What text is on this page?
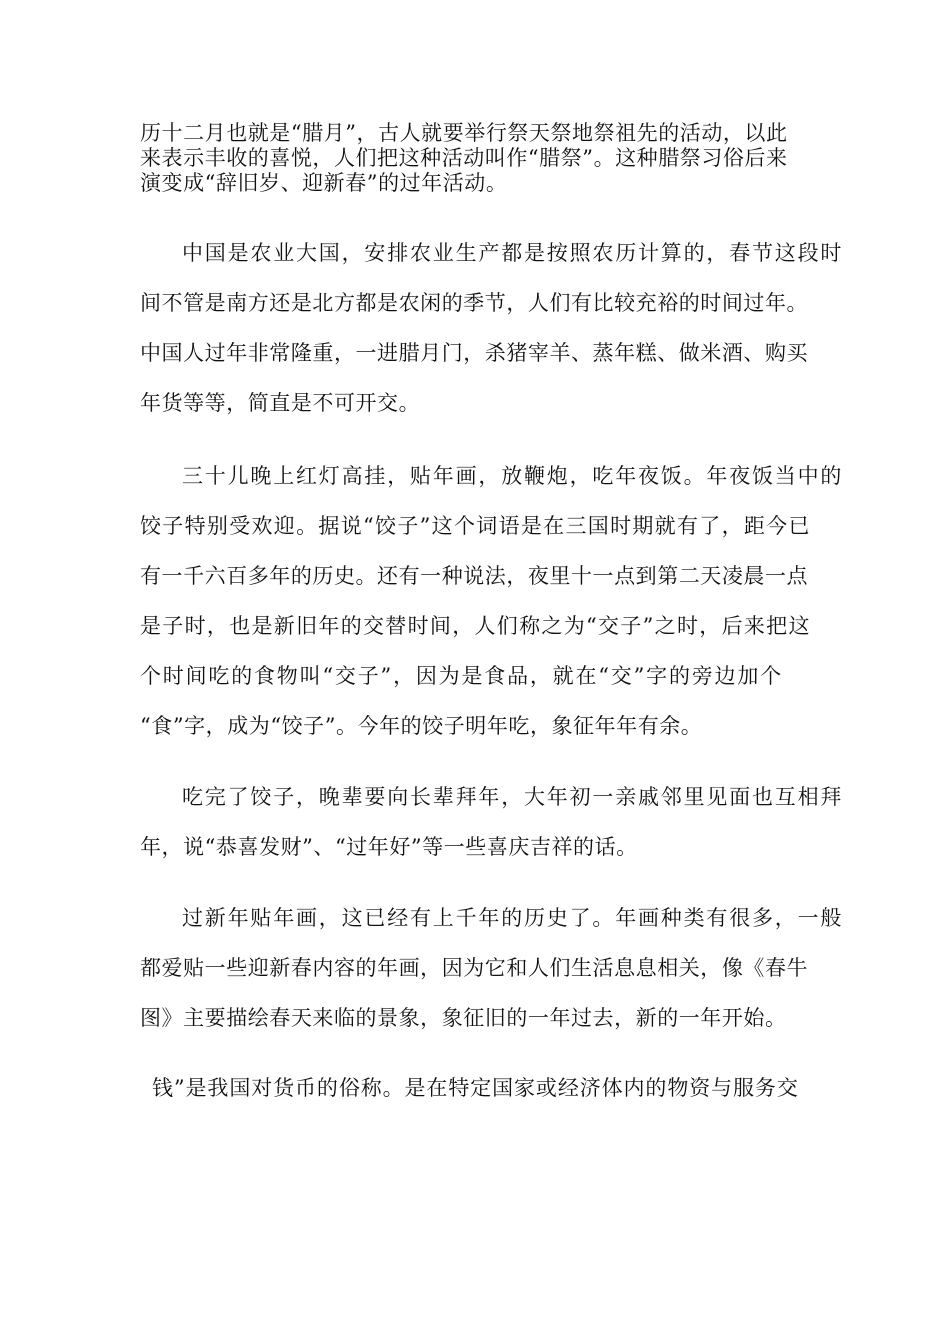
历十二月也就是“腊月”，古人就要举行祭天祭地祭祖先的活动，以此
来表示丰收的喜悦，人们把这种活动叫作“腊祭”。这种腊祭习俗后来
演变成“辞旧岁、迎新春”的过年活动。
中国是农业大国，安排农业生产都是按照农历计算的，春节这段时
间不管是南方还是北方都是农闲的季节，人们有比较充裕的时间过年。
中国人过年非常隆重，一进腊月门，杀猪宰羊、蒸年糕、做米酒、购买
年货等等，简直是不可开交。
三十儿晚上红灯高挂，贴年画，放鞭炮，吃年夜饭。年夜饭当中的
饺子特别受欢迎。据说“饺子”这个词语是在三国时期就有了，距今已
有一千六百多年的历史。还有一种说法，夜里十一点到第二天凌晨一点
是子时，也是新旧年的交替时间，人们称之为“交子”之时，后来把这
个时间吃的食物叫“交子”，因为是食品，就在“交”字的旁边加个
“食”字，成为“饺子”。今年的饺子明年吃，象征年年有余。
吃完了饺子，晚辈要向长辈拜年，大年初一亲戚邻里见面也互相拜
年，说“恭喜发财”、“过年好”等一些喜庆吉祥的话。
过新年贴年画，这已经有上千年的历史了。年画种类有很多，一般
都爱贴一些迎新春内容的年画，因为它和人们生活息息相关，像《春牛
图》主要描绘春天来临的景象，象征旧的一年过去，新的一年开始。
钱”是我国对货币的俗称。是在特定国家或经济体内的物资与服务交
